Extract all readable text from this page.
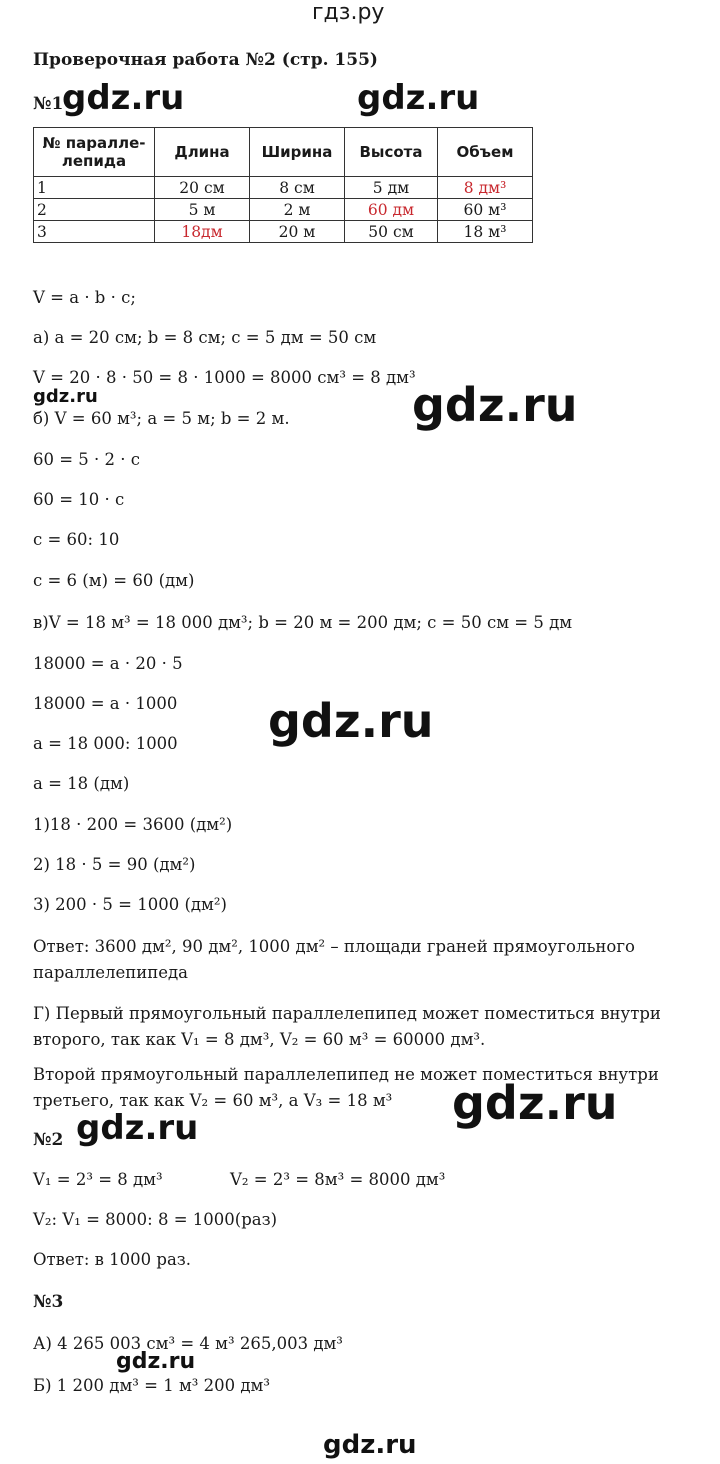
гдз.ру
Проверочная работа №2 (стр. 155)
№1
№ паралле-
лепида	Длина	Ширина	Высота	Объем
1	20 см	8 см	5 дм	8 дм³
2	5 м	2 м	60 дм	60 м³
3	18дм	20 м	50 см	18 м³
V = a · b · c;
а) a = 20 см; b = 8 см; c = 5 дм = 50 см
V = 20 · 8 · 50 = 8 · 1000 = 8000 см³ = 8 дм³
б) V = 60 м³; a = 5 м; b = 2 м.
60 = 5 · 2 · c
60 = 10 · c
c = 60: 10
c = 6 (м) = 60 (дм)
в)V = 18 м³ = 18 000 дм³; b = 20 м = 200 дм; c = 50 см = 5 дм
18000 = a · 20 · 5
18000 = a · 1000
a = 18 000: 1000
a = 18 (дм)
1)18 · 200 = 3600 (дм²)
2) 18 · 5 = 90 (дм²)
3) 200 · 5 = 1000 (дм²)
Ответ: 3600 дм², 90 дм², 1000 дм² – площади граней прямоугольного параллелепипеда
Г) Первый прямоугольный параллелепипед может поместиться внутри второго, так как V₁ = 8 дм³, V₂ = 60 м³ = 60000 дм³.
Второй прямоугольный параллелепипед не может поместиться внутри третьего, так как V₂ = 60 м³, а V₃ = 18 м³
№2
V₁ = 2³ = 8 дм³	V₂ = 2³ = 8м³ = 8000 дм³
V₂: V₁ = 8000: 8 = 1000(раз)
Ответ: в 1000 раз.
№3
А) 4 265 003 см³ = 4 м³ 265,003 дм³
Б) 1 200 дм³ = 1 м³ 200 дм³
gdz.ru	gdz.ru
gdz.ru
gdz.ru
gdz.ru
gdz.ru
gdz.ru
gdz.ru
gdz.ru
